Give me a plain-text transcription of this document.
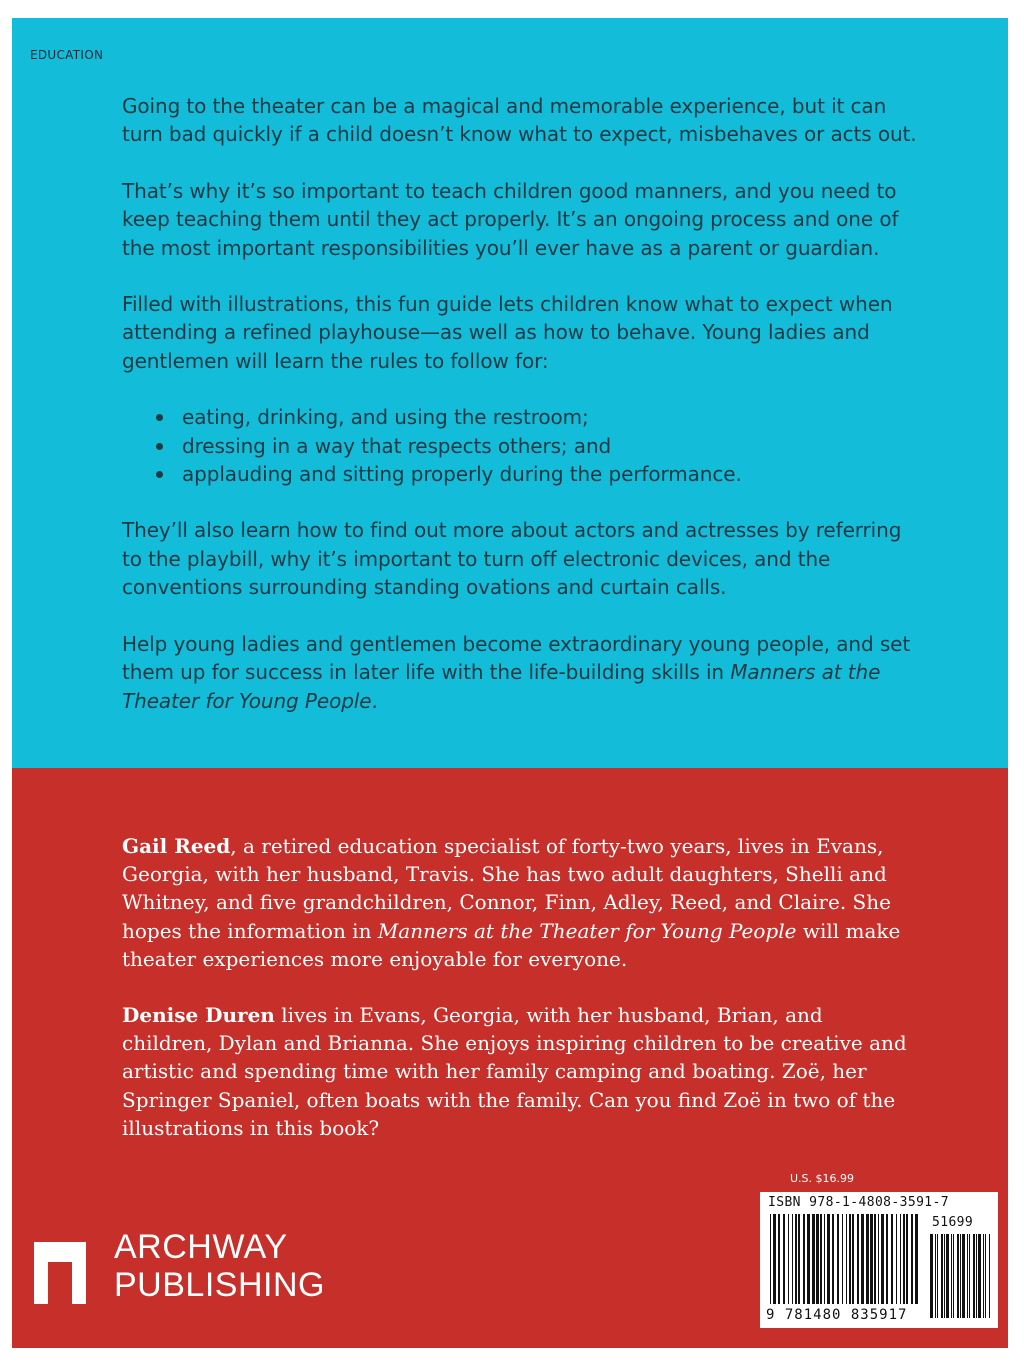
EDUCATION

Going to the theater can be a magical and memorable experience, but it can turn bad quickly if a child doesn’t know what to expect, misbehaves or acts out.

That’s why it’s so important to teach children good manners, and you need to keep teaching them until they act properly. It’s an ongoing process and one of the most important responsibilities you’ll ever have as a parent or guardian.

Filled with illustrations, this fun guide lets children know what to expect when attending a refined playhouse—as well as how to behave. Young ladies and gentlemen will learn the rules to follow for:

eating, drinking, and using the restroom;
dressing in a way that respects others; and
applauding and sitting properly during the performance.

They’ll also learn how to find out more about actors and actresses by referring to the playbill, why it’s important to turn off electronic devices, and the conventions surrounding standing ovations and curtain calls.

Help young ladies and gentlemen become extraordinary young people, and set them up for success in later life with the life-building skills in Manners at the Theater for Young People.

Gail Reed, a retired education specialist of forty-two years, lives in Evans, Georgia, with her husband, Travis. She has two adult daughters, Shelli and Whitney, and five grandchildren, Connor, Finn, Adley, Reed, and Claire. She hopes the information in Manners at the Theater for Young People will make theater experiences more enjoyable for everyone.

Denise Duren lives in Evans, Georgia, with her husband, Brian, and children, Dylan and Brianna. She enjoys inspiring children to be creative and artistic and spending time with her family camping and boating. Zoë, her Springer Spaniel, often boats with the family. Can you find Zoë in two of the illustrations in this book?

U.S. $16.99
ISBN 978-1-4808-3591-7
51699
9 781480 835917
ARCHWAY
PUBLISHING
